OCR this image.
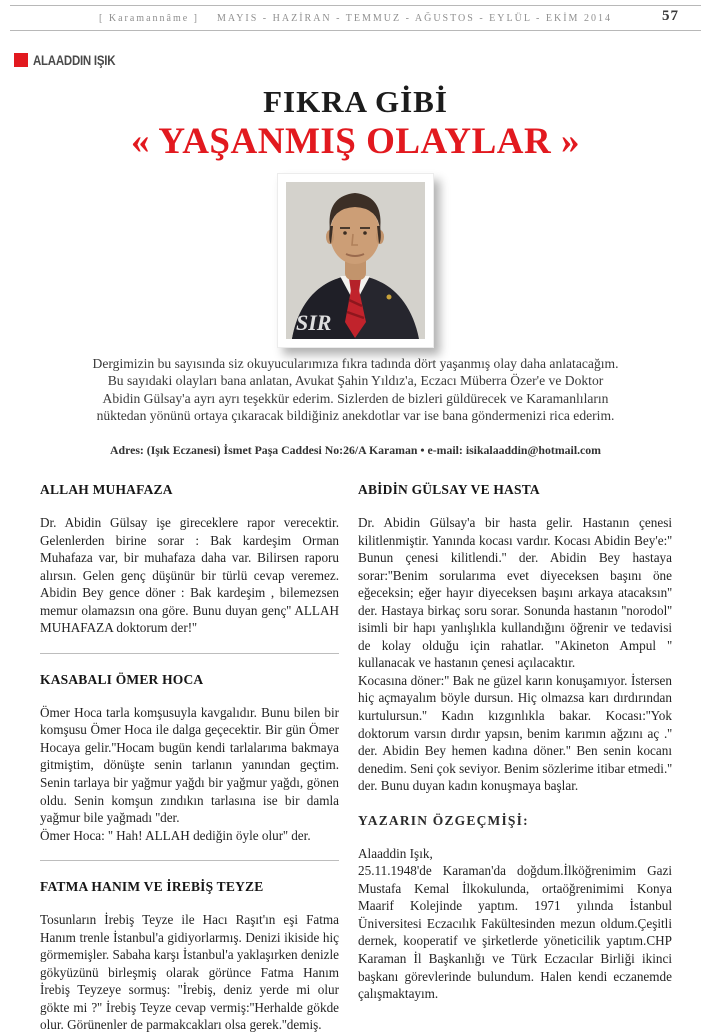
[ Karamannâme ] MAYIS - HAZİRAN - TEMMUZ - AĞUSTOS - EYLÜL - EKİM 2014	57
ALAADDIN IŞIK
FIKRA GİBİ
« YAŞANMIŞ OLAYLAR »
SIR
Dergimizin bu sayısında siz okuyucularımıza fıkra tadında dört yaşanmış olay daha anlatacağım. Bu sayıdaki olayları bana anlatan, Avukat Şahin Yıldız'a, Eczacı Müberra Özer'e ve Doktor Abidin Gülsay'a ayrı ayrı teşekkür ederim. Sizlerden de bizleri güldürecek ve Karamanlıların nüktedan yönünü ortaya çıkaracak bildiğiniz anekdotlar var ise bana göndermenizi rica ederim.
Adres: (Işık Eczanesi) İsmet Paşa Caddesi No:26/A Karaman • e-mail: isikalaaddin@hotmail.com
ALLAH MUHAFAZA

Dr. Abidin Gülsay işe gireceklere rapor verecektir. Gelenlerden birine sorar : Bak kardeşim Orman Muhafaza var, bir muhafaza daha var. Bilirsen raporu alırsın. Gelen genç düşünür bir türlü cevap veremez. Abidin Bey gence döner : Bak kardeşim , bilemezsen memur olamazsın ona göre. Bunu duyan genç'' ALLAH MUHAFAZA doktorum der!''

KASABALI ÖMER HOCA

Ömer Hoca tarla komşusuyla kavgalıdır. Bunu bilen bir komşusu Ömer Hoca ile dalga geçecektir. Bir gün Ömer Hocaya gelir.''Hocam bugün kendi tarlalarıma bakmaya gitmiştim, dönüşte senin tarlanın yanından geçtim. Senin tarlaya bir yağmur yağdı bir yağmur yağdı, gönen oldu. Senin komşun zındıkın tarlasına ise bir damla yağmur bile yağmadı ''der.

Ömer Hoca: '' Hah! ALLAH dediğin öyle olur'' der.

FATMA HANIM VE İREBİŞ TEYZE

Tosunların İrebiş Teyze ile Hacı Raşıt'ın eşi Fatma Hanım trenle İstanbul'a gidiyorlarmış. Denizi ikiside hiç görmemişler. Sabaha karşı İstanbul'a yaklaşırken denizle gökyüzünü birleşmiş olarak görünce Fatma Hanım İrebiş Teyzeye sormuş: ''İrebiş, deniz yerde mi olur gökte mi ?'' İrebiş Teyze cevap vermiş:''Herhalde gökde olur. Görünenler de parmakcakları olsa gerek.''demiş.

ABİDİN GÜLSAY VE HASTA

Dr. Abidin Gülsay'a bir hasta gelir. Hastanın çenesi kilitlenmiştir. Yanında kocası vardır. Kocası Abidin Bey'e:'' Bunun çenesi kilitlendi.'' der. Abidin Bey hastaya sorar:''Benim sorularıma evet diyeceksen başını öne eğeceksin; eğer hayır diyeceksen başını arkaya atacaksın'' der. Hastaya birkaç soru sorar. Sonunda hastanın ''norodol'' isimli bir hapı yanlışlıkla kullandığını öğrenir ve tedavisi de kolay olduğu için rahatlar. ''Akineton Ampul '' kullanacak ve hastanın çenesi açılacaktır.

Kocasına döner:'' Bak ne güzel karın konuşamıyor. İstersen hiç açmayalım böyle dursun. Hiç olmazsa karı dırdırından kurtulursun.'' Kadın kızgınlıkla bakar. Kocası:''Yok doktorum varsın dırdır yapsın, benim karımın ağzını aç .'' der. Abidin Bey hemen kadına döner.'' Ben senin kocanı denedim. Seni çok seviyor. Benim sözlerime itibar etmedi.'' der. Bunu duyan kadın konuşmaya başlar.

YAZARIN ÖZGEÇMİŞİ:

Alaaddin Işık,

25.11.1948'de Karaman'da doğdum.İlköğrenimim Gazi Mustafa Kemal İlkokulunda, ortaöğrenimimi Konya Maarif Kolejinde yaptım. 1971 yılında İstanbul Üniversitesi Eczacılık Fakültesinden mezun oldum.Çeşitli dernek, kooperatif ve şirketlerde yöneticilik yaptım.CHP Karaman İl Başkanlığı ve Türk Eczacılar Birliği ikinci başkanı görevlerinde bulundum. Halen kendi eczanemde çalışmaktayım.
